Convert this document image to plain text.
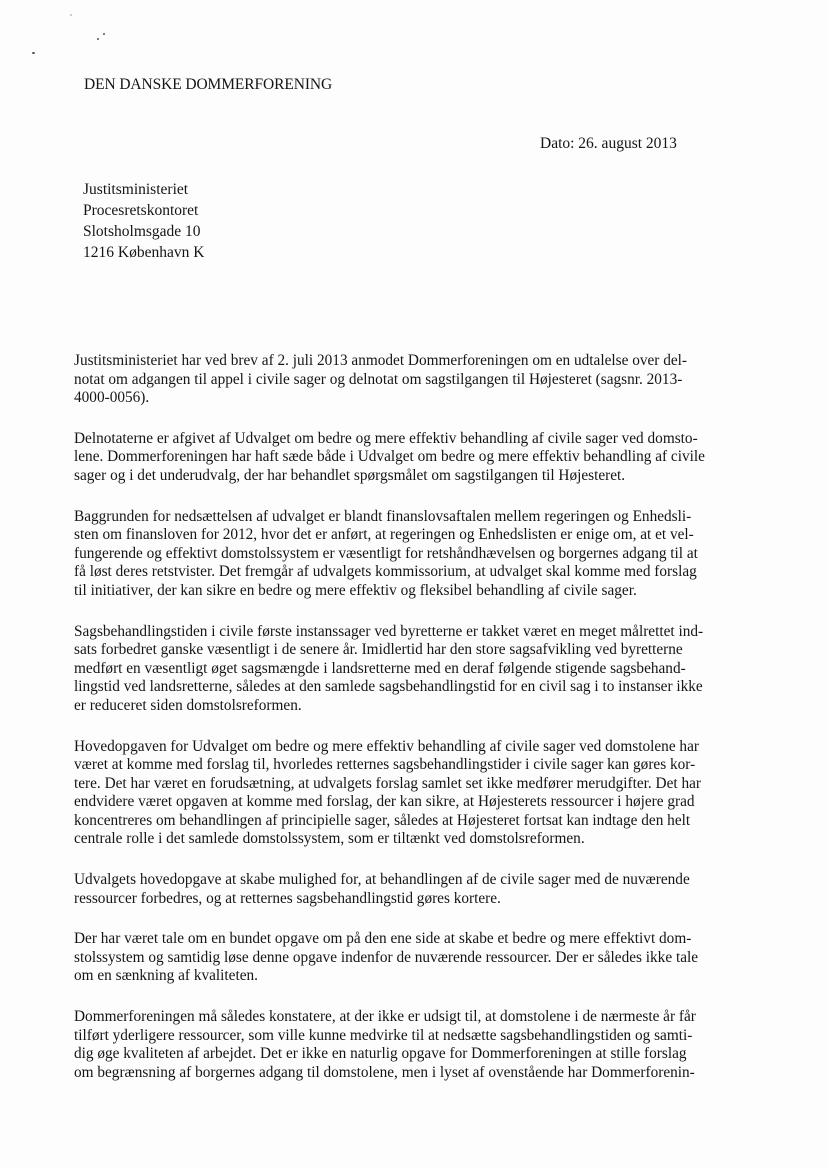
DEN DANSKE DOMMERFORENING
Dato: 26. august 2013
Justitsministeriet
Procesretskontoret
Slotsholmsgade 10
1216 København K

Justitsministeriet har ved brev af 2. juli 2013 anmodet Dommerforeningen om en udtalelse over del-
notat om adgangen til appel i civile sager og delnotat om sagstilgangen til Højesteret (sagsnr. 2013-
4000-0056).

Delnotaterne er afgivet af Udvalget om bedre og mere effektiv behandling af civile sager ved domsto-
lene. Dommerforeningen har haft sæde både i Udvalget om bedre og mere effektiv behandling af civile
sager og i det underudvalg, der har behandlet spørgsmålet om sagstilgangen til Højesteret.

Baggrunden for nedsættelsen af udvalget er blandt finanslovsaftalen mellem regeringen og Enhedsli-
sten om finansloven for 2012, hvor det er anført, at regeringen og Enhedslisten er enige om, at et vel-
fungerende og effektivt domstolssystem er væsentligt for retshåndhævelsen og borgernes adgang til at
få løst deres retstvister. Det fremgår af udvalgets kommissorium, at udvalget skal komme med forslag
til initiativer, der kan sikre en bedre og mere effektiv og fleksibel behandling af civile sager.

Sagsbehandlingstiden i civile første instanssager ved byretterne er takket været en meget målrettet ind-
sats forbedret ganske væsentligt i de senere år. Imidlertid har den store sagsafvikling ved byretterne
medført en væsentligt øget sagsmængde i landsretterne med en deraf følgende stigende sagsbehand-
lingstid ved landsretterne, således at den samlede sagsbehandlingstid for en civil sag i to instanser ikke
er reduceret siden domstolsreformen.

Hovedopgaven for Udvalget om bedre og mere effektiv behandling af civile sager ved domstolene har
været at komme med forslag til, hvorledes retternes sagsbehandlingstider i civile sager kan gøres kor-
tere. Det har været en forudsætning, at udvalgets forslag samlet set ikke medfører merudgifter. Det har
endvidere været opgaven at komme med forslag, der kan sikre, at Højesterets ressourcer i højere grad
koncentreres om behandlingen af principielle sager, således at Højesteret fortsat kan indtage den helt
centrale rolle i det samlede domstolssystem, som er tiltænkt ved domstolsreformen.

Udvalgets hovedopgave at skabe mulighed for, at behandlingen af de civile sager med de nuværende
ressourcer forbedres, og at retternes sagsbehandlingstid gøres kortere.

Der har været tale om en bundet opgave om på den ene side at skabe et bedre og mere effektivt dom-
stolssystem og samtidig løse denne opgave indenfor de nuværende ressourcer. Der er således ikke tale
om en sænkning af kvaliteten.

Dommerforeningen må således konstatere, at der ikke er udsigt til, at domstolene i de nærmeste år får
tilført yderligere ressourcer, som ville kunne medvirke til at nedsætte sagsbehandlingstiden og samti-
dig øge kvaliteten af arbejdet. Det er ikke en naturlig opgave for Dommerforeningen at stille forslag
om begrænsning af borgernes adgang til domstolene, men i lyset af ovenstående har Dommerforenin-
